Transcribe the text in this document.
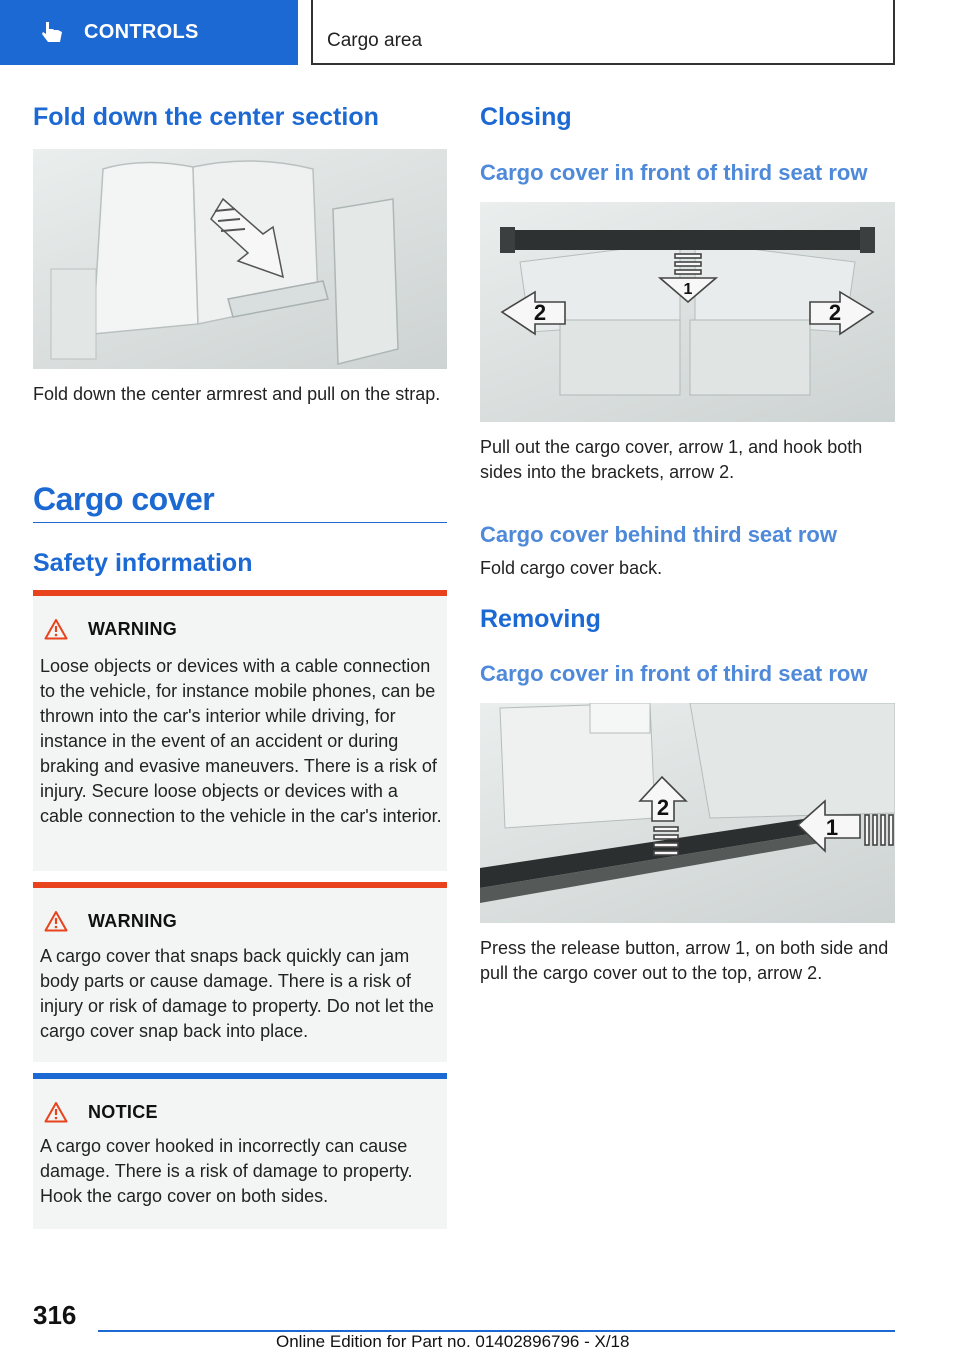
CONTROLS	Cargo area
Fold down the center section
Fold down the center armrest and pull on the strap.
Cargo cover
Safety information
WARNING
Loose objects or devices with a cable connection to the vehicle, for instance mobile phones, can be thrown into the car's interior while driving, for instance in the event of an accident or during braking and evasive maneuvers. There is a risk of injury. Secure loose objects or devices with a cable connection to the vehicle in the car's interior.
WARNING
A cargo cover that snaps back quickly can jam body parts or cause damage. There is a risk of injury or risk of damage to property. Do not let the cargo cover snap back into place.
NOTICE
A cargo cover hooked in incorrectly can cause damage. There is a risk of damage to property. Hook the cargo cover on both sides.
Closing
Cargo cover in front of third seat row
1
2	2
Pull out the cargo cover, arrow 1, and hook both sides into the brackets, arrow 2.
Cargo cover behind third seat row
Fold cargo cover back.
Removing
Cargo cover in front of third seat row
2
1
Press the release button, arrow 1, on both side and pull the cargo cover out to the top, arrow 2.
316
Online Edition for Part no. 01402896796 - X/18
